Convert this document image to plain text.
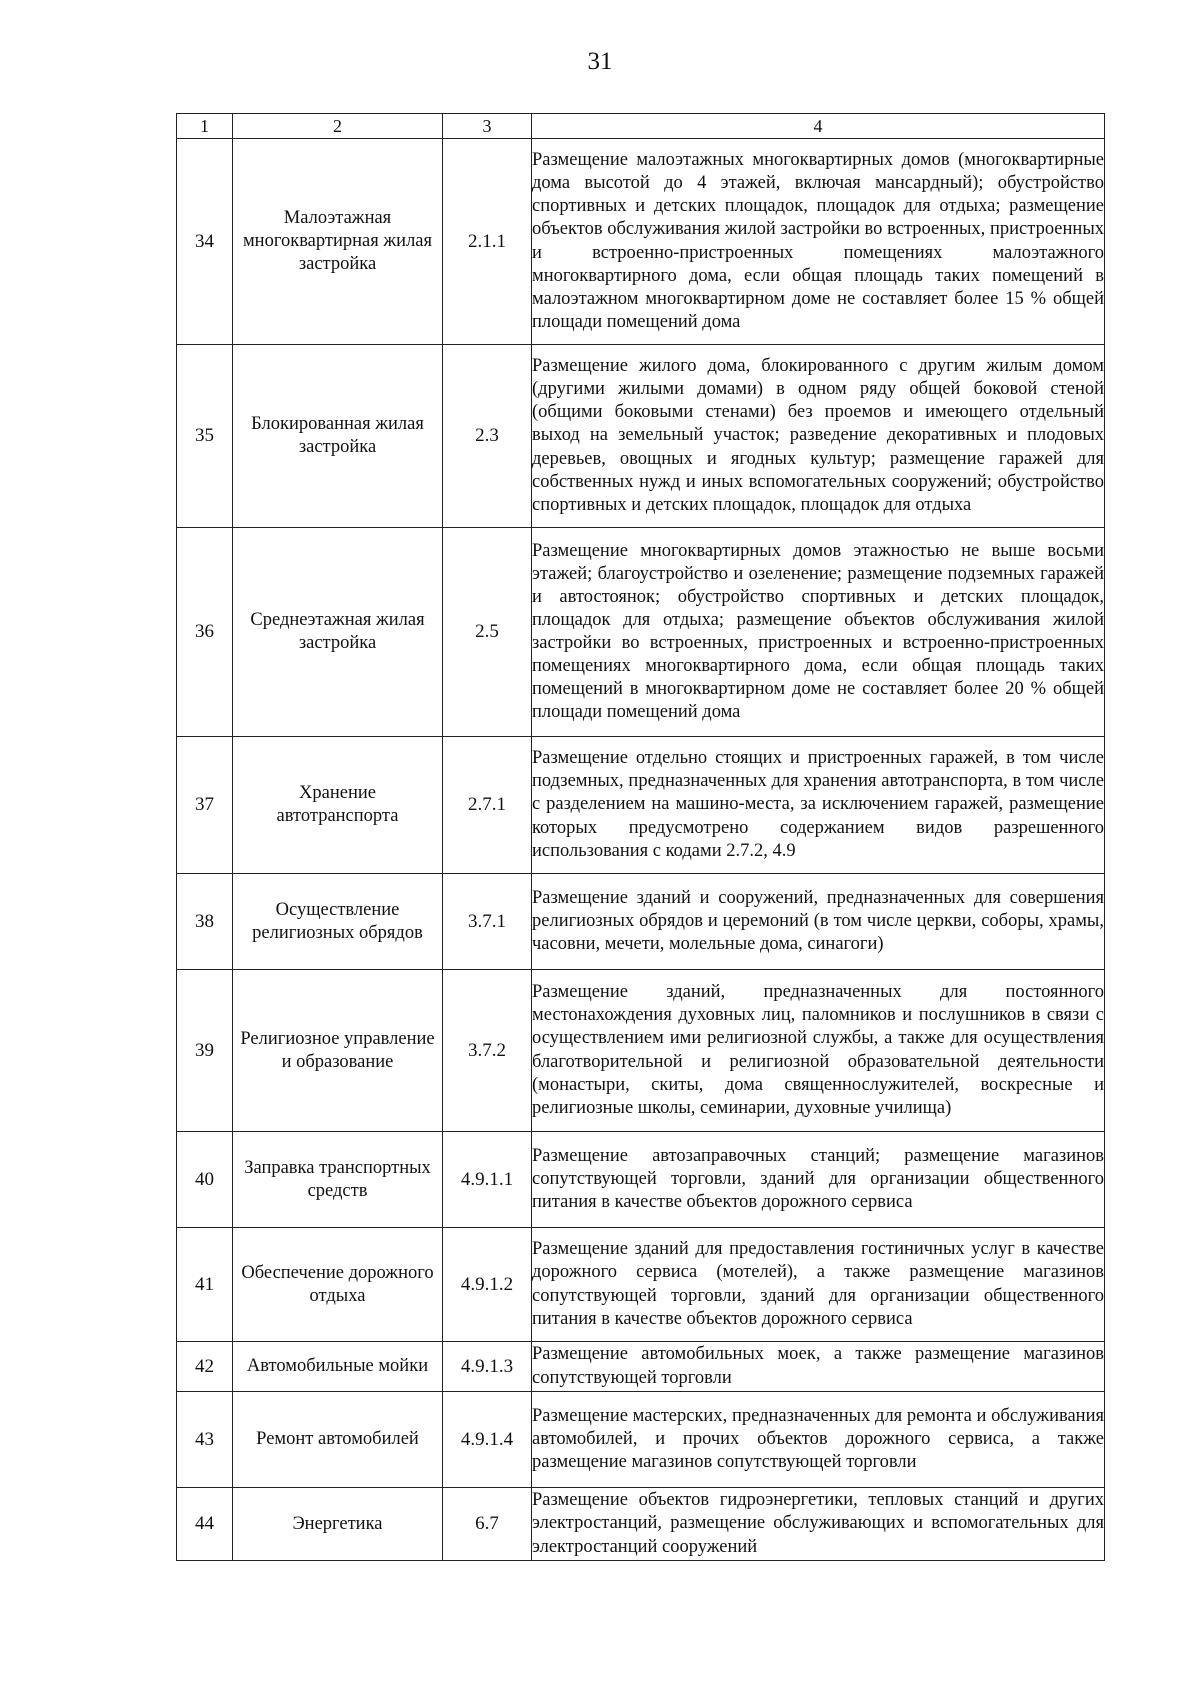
31
1	2	3	4
34	Малоэтажная многоквартирная жилая застройка	2.1.1	Размещение малоэтажных многоквартирных домов (многоквартирные дома высотой до 4 этажей, включая мансардный); обустройство спортивных и детских площадок, площадок для отдыха; размещение объектов обслуживания жилой застройки во встроенных, пристроенных и встроенно-пристроенных помещениях малоэтажного многоквартирного дома, если общая площадь таких помещений в малоэтажном многоквартирном доме не составляет более 15 % общей площади помещений дома
35	Блокированная жилая застройка	2.3	Размещение жилого дома, блокированного с другим жилым домом (другими жилыми домами) в одном ряду общей боковой стеной (общими боковыми стенами) без проемов и имеющего отдельный выход на земельный участок; разведение декоративных и плодовых деревьев, овощных и ягодных культур; размещение гаражей для собственных нужд и иных вспомогательных сооружений; обустройство спортивных и детских площадок, площадок для отдыха
36	Среднеэтажная жилая застройка	2.5	Размещение многоквартирных домов этажностью не выше восьми этажей; благоустройство и озеленение; размещение подземных гаражей и автостоянок; обустройство спортивных и детских площадок, площадок для отдыха; размещение объектов обслуживания жилой застройки во встроенных, пристроенных и встроенно-пристроенных помещениях многоквартирного дома, если общая площадь таких помещений в многоквартирном доме не составляет более 20 % общей площади помещений дома
37	Хранение автотранспорта	2.7.1	Размещение отдельно стоящих и пристроенных гаражей, в том числе подземных, предназначенных для хранения автотранспорта, в том числе с разделением на машино-места, за исключением гаражей, размещение которых предусмотрено содержанием видов разрешенного использования с кодами 2.7.2, 4.9
38	Осуществление религиозных обрядов	3.7.1	Размещение зданий и сооружений, предназначенных для совершения религиозных обрядов и церемоний (в том числе церкви, соборы, храмы, часовни, мечети, молельные дома, синагоги)
39	Религиозное управление и образование	3.7.2	Размещение зданий, предназначенных для постоянного местонахождения духовных лиц, паломников и послушников в связи с осуществлением ими религиозной службы, а также для осуществления благотворительной и религиозной образовательной деятельности (монастыри, скиты, дома священнослужителей, воскресные и религиозные школы, семинарии, духовные училища)
40	Заправка транспортных средств	4.9.1.1	Размещение автозаправочных станций; размещение магазинов сопутствующей торговли, зданий для организации общественного питания в качестве объектов дорожного сервиса
41	Обеспечение дорожного отдыха	4.9.1.2	Размещение зданий для предоставления гостиничных услуг в качестве дорожного сервиса (мотелей), а также размещение магазинов сопутствующей торговли, зданий для организации общественного питания в качестве объектов дорожного сервиса
42	Автомобильные мойки	4.9.1.3	Размещение автомобильных моек, а также размещение магазинов сопутствующей торговли
43	Ремонт автомобилей	4.9.1.4	Размещение мастерских, предназначенных для ремонта и обслуживания автомобилей, и прочих объектов дорожного сервиса, а также размещение магазинов сопутствующей торговли
44	Энергетика	6.7	Размещение объектов гидроэнергетики, тепловых станций и других электростанций, размещение обслуживающих и вспомогательных для электростанций сооружений
